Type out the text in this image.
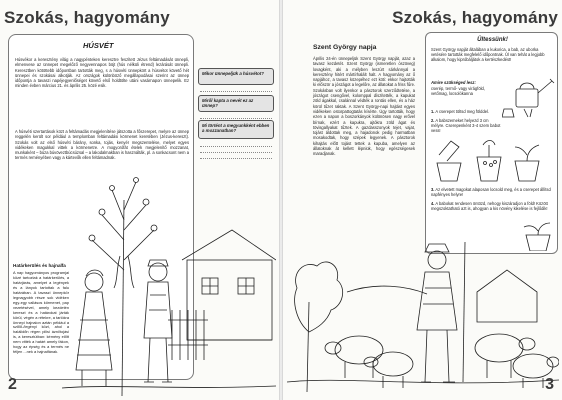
Szokás, hagyomány
HÚSVÉT
Húsvékor a keresztény világ a nagypénteken keresztre feszített Jézus feltámadását ünnepli, elmenvese az ünnepet megelőző negyvennapos böjt (hús nélküli étrend) lezárását ünnepli. Keresztben kötöttebb időpontban tartották meg, s a húsvéti ünnepkört a húsvétot követő hét ünnepei és szokásai alkotják. Az országok különböző megállapodásai szerint az ünnep időpontja a tavaszi napéjegyenlőséget követő első holdtölte utáni vasárnapon ünnepelik. Ez minden évben március 21. és április 25. közé esik.
A húsvéti szertartások közt a feltámadás megjelenítése játszotta a főszerepet, melyre az ünnep reggelén került sor például a templomban feltámadási körmenet keretében (Jézus-kereszt). Szokás volt az első húsvéti bárány, sonka, tojás, kenyér megszentelése, melyet egyes vidékeken magukkal vittek a körmenetre. A mogyorófát ételek megjelenítő mozzanat, munkaként – búza búvöveztbúcsúzsal – a lakodalmakban is használták, pl. a sonkacsont nem a termés reményében vagy a kártevők ellen feltámadnak.
Határkerülés és hajnalfa
A nap hagyományos programjai közé tartoztak a határkerülés, a határjárás, amelyet a legények és a lányok tartottak a falu határában. A tavaszi ünnepkör legnagyobb része sok vidéken egy-egy vallásos körmenet, pap vezetésével, amely kezdetén kereszt és a határokat járták körül, végén a rétekre, a tarlókra ünnepi hajnalon aztán például a szőlő-/legényi közt, ahol a halálidőn régen pilisi ázni/tojási is, a keresztútban: kémény előtt nem vitték a határt amely fákon, hogy az épség és a termés ne féljen ...nek a hajnalfának.
Mikor ünnepeljük a húsvétot?
Miről kapta a nevét ez az ünnep?
Mi történt a megyunkként ebben a mozzanatban?
2
Szokás, hagyomány
Szent György napja
Április 24-én ünnepeljük Szent György napját, azaz a tavasz kezdetét. Szent György (ismeretlen ószöveg) lovagként, aki a mélyben leszúrt sárkánnyal a keresztény hitért mártírhalált halt. A hagyomány az ő napjához, a tavasz közepéhez ezt köti: ekkor hajtották ki először a jószágot a legelőre, az állatokat a friss fűre. Szokásban volt ilyenkor a pásztorok szerződtetése, a jószágot csengővel, kolomppal díszítették, a kapukat zöld ágakkal, csalánnal védték a rontás ellen, és a ház körül tűzet raktak. A Szent György-napi hajtást egyes vidékeken ostorpattogtatás kísérte. Úgy tartották, hogy ezen a napon a boszorkányok különösen nagy erővel bírnak, ezért a kapukra, ajtókra zöld ágat és tövisgallyakat tűztek. A gazdasszonyok tejet, vajat, tojást áldottak meg, a hajadonok pedig harmatban mosakodtak, hogy szépek legyenek. A pásztorok kihajtás előtt tojást tettek a kapuba, amelyen az állatoknak át kellett lépniük, hogy egészségesek maradjanak.
Ültessünk!
Szent György napját általában a kukorica, a bab, az uborka vetésére tartották megfelelő időpontnak. Ül van tehát a legjobb alkalom, hogy kipróbáljátok a kertészkedést!
Amire szükséged lesz:
cserép, termő- vagy virágföld, vetőmag, locsolókanna
1. A cserepet töltsd meg földdel.
2. A babszemeket helyezd 3 cm mélyre. Cserepenként 3-4 szem babot vess!
3. Az elvetett magokat alaposan locsold meg, és a cserepet állítsd napfényes helyre!
4. A babokat rendesen öntözd, nehogy kiszáradjon a föld! Között megszoktatható azt is, ahogyan a kis növény kikelése is fejlődik!
3
